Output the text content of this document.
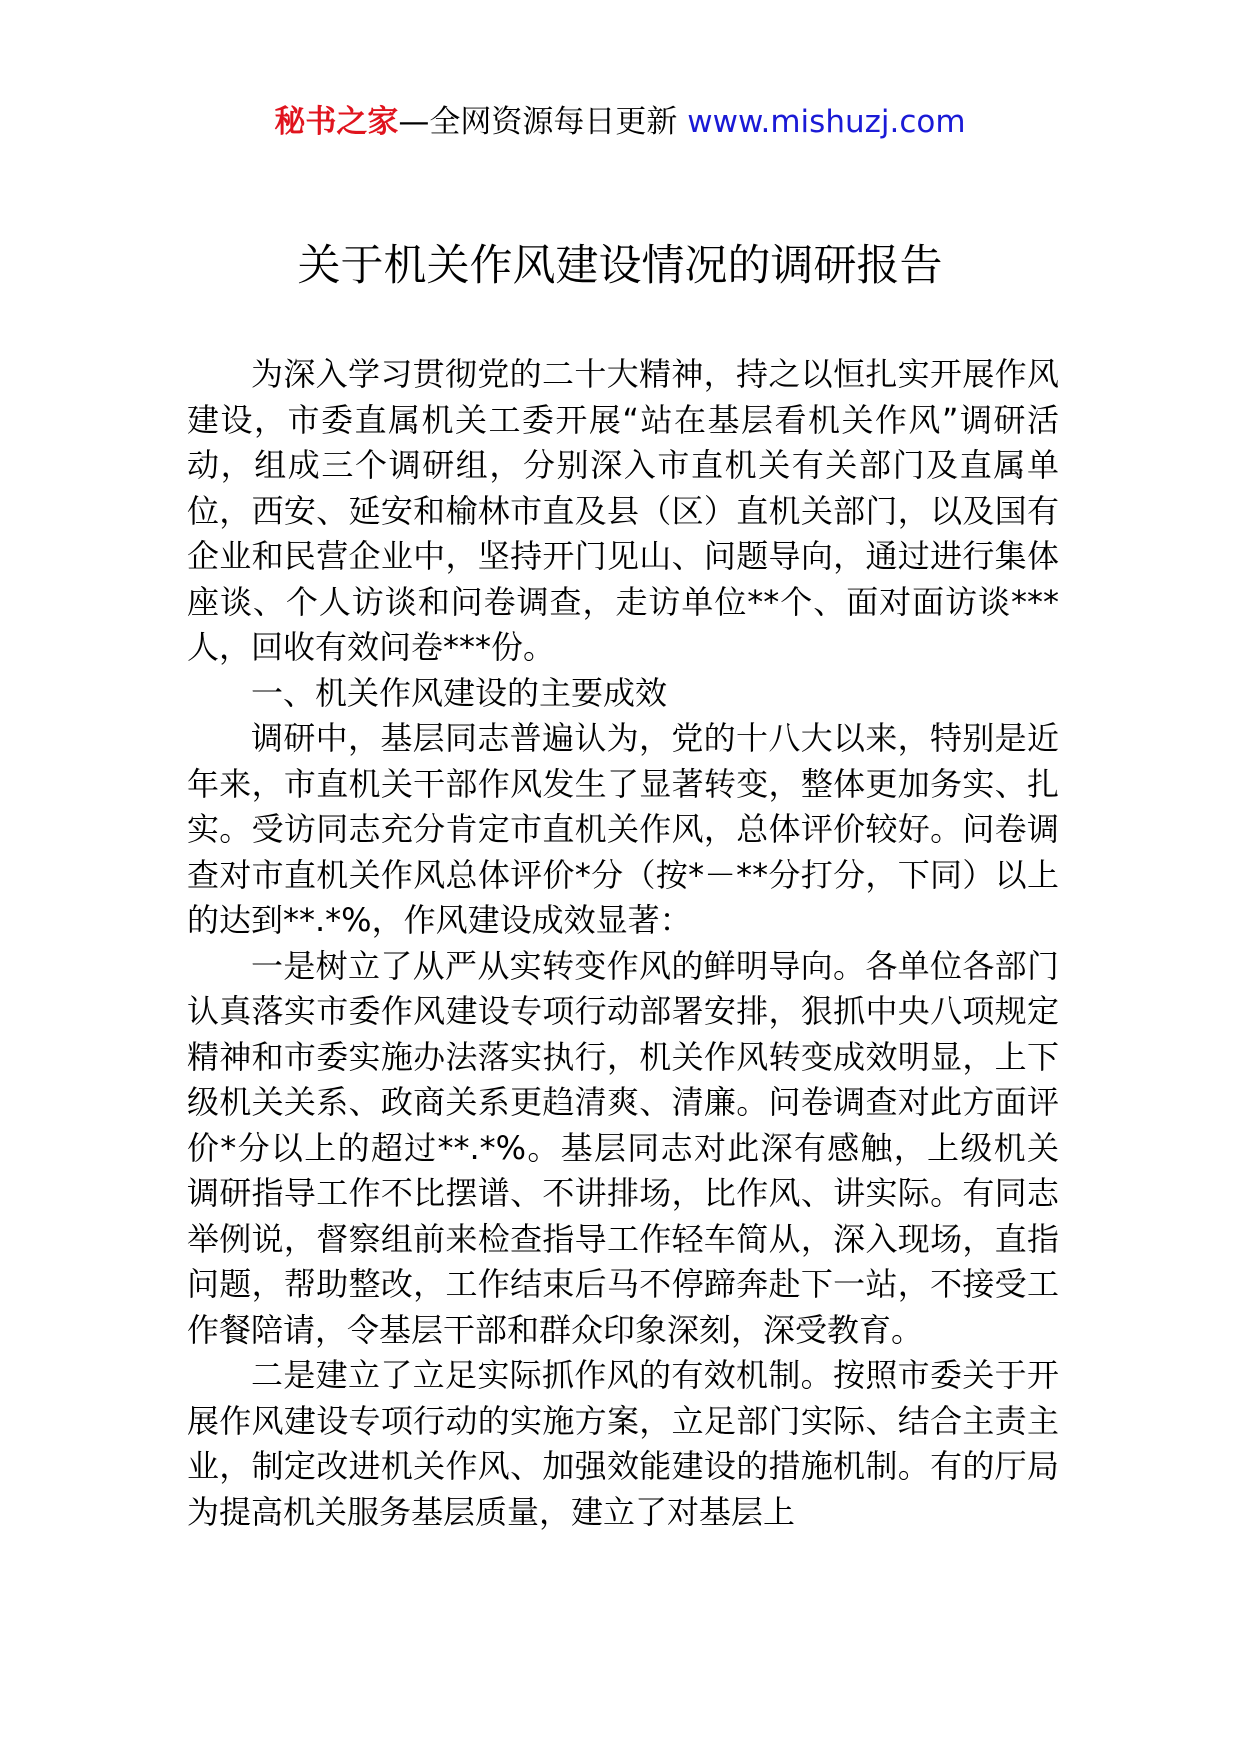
秘书之家—全网资源每日更新 www.mishuzj.com
关于机关作风建设情况的调研报告

为深入学习贯彻党的二十大精神，持之以恒扎实开展作风建设，市委直属机关工委开展“站在基层看机关作风”调研活动，组成三个调研组，分别深入市直机关有关部门及直属单位，西安、延安和榆林市直及县（区）直机关部门，以及国有企业和民营企业中，坚持开门见山、问题导向，通过进行集体座谈、个人访谈和问卷调查，走访单位**个、面对面访谈***人，回收有效问卷***份。

一、机关作风建设的主要成效

调研中，基层同志普遍认为，党的十八大以来，特别是近年来，市直机关干部作风发生了显著转变，整体更加务实、扎实。受访同志充分肯定市直机关作风，总体评价较好。问卷调查对市直机关作风总体评价*分（按*－**分打分，下同）以上的达到**.*%，作风建设成效显著：

一是树立了从严从实转变作风的鲜明导向。各单位各部门认真落实市委作风建设专项行动部署安排，狠抓中央八项规定精神和市委实施办法落实执行，机关作风转变成效明显，上下级机关关系、政商关系更趋清爽、清廉。问卷调查对此方面评价*分以上的超过**.*%。基层同志对此深有感触，上级机关调研指导工作不比摆谱、不讲排场，比作风、讲实际。有同志举例说，督察组前来检查指导工作轻车简从，深入现场，直指问题，帮助整改，工作结束后马不停蹄奔赴下一站，不接受工作餐陪请，令基层干部和群众印象深刻，深受教育。

二是建立了立足实际抓作风的有效机制。按照市委关于开展作风建设专项行动的实施方案，立足部门实际、结合主责主业，制定改进机关作风、加强效能建设的措施机制。有的厅局为提高机关服务基层质量，建立了对基层上
